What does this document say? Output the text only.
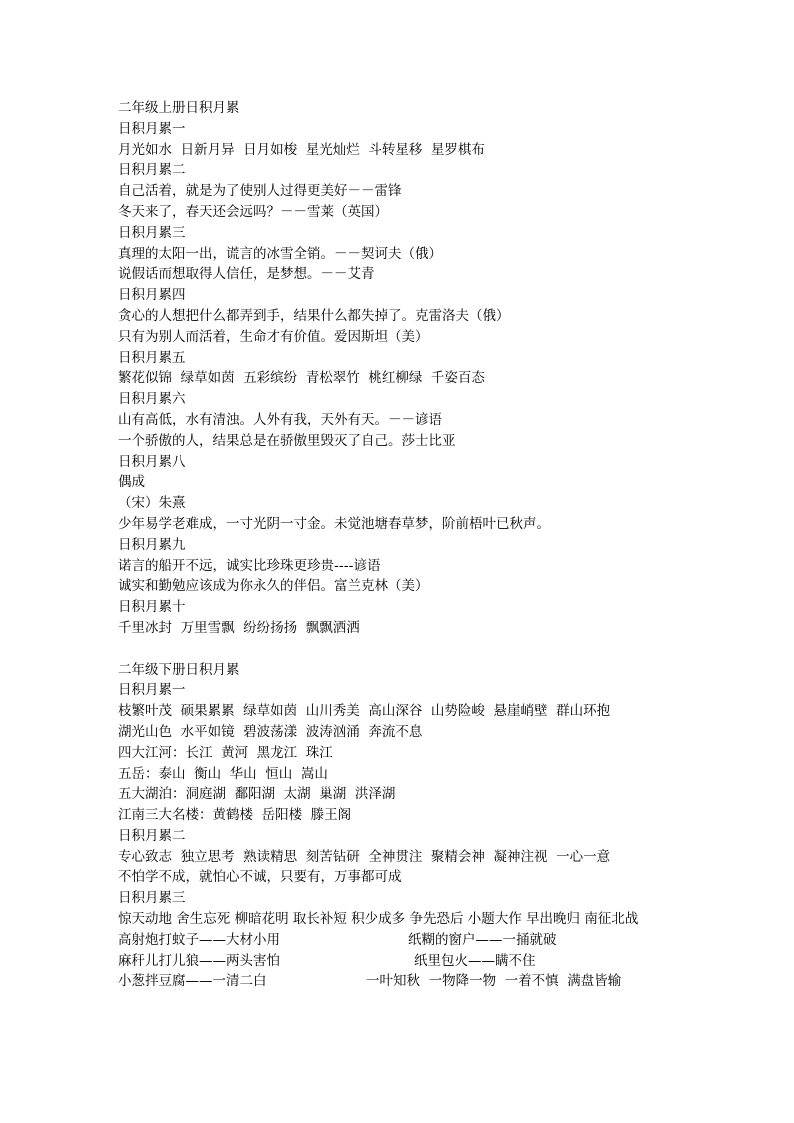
二年级上册日积月累
日积月累一
月光如水  日新月异  日月如梭  星光灿烂  斗转星移  星罗棋布
日积月累二
自己活着，就是为了使别人过得更美好－－雷锋
冬天来了，春天还会远吗？－－雪莱（英国）
日积月累三
真理的太阳一出，谎言的冰雪全销。－－契诃夫（俄）
说假话而想取得人信任，是梦想。－－艾青
日积月累四
贪心的人想把什么都弄到手，结果什么都失掉了。克雷洛夫（俄）
只有为别人而活着，生命才有价值。爱因斯坦（美）
日积月累五
繁花似锦  绿草如茵  五彩缤纷  青松翠竹  桃红柳绿  千姿百态
日积月累六
山有高低，水有清浊。人外有我，天外有天。－－谚语
一个骄傲的人，结果总是在骄傲里毁灭了自己。莎士比亚
日积月累八
偶成
（宋）朱熹
少年易学老难成，一寸光阴一寸金。未觉池塘春草梦，阶前梧叶已秋声。
日积月累九
诺言的船开不远，诚实比珍珠更珍贵----谚语
诚实和勤勉应该成为你永久的伴侣。富兰克林（美）
日积月累十
千里冰封  万里雪飘  纷纷扬扬  飘飘洒洒
二年级下册日积月累
日积月累一
枝繁叶茂  硕果累累  绿草如茵  山川秀美  高山深谷  山势险峻  悬崖峭壁  群山环抱
湖光山色  水平如镜  碧波荡漾  波涛汹涌  奔流不息
四大江河：长江  黄河  黑龙江  珠江
五岳：泰山  衡山  华山  恒山  嵩山
五大湖泊：洞庭湖  鄱阳湖  太湖  巢湖  洪泽湖
江南三大名楼：黄鹤楼  岳阳楼  滕王阁
日积月累二
专心致志  独立思考  熟读精思  刻苦钻研  全神贯注  聚精会神  凝神注视  一心一意
不怕学不成，就怕心不诚，只要有，万事都可成
日积月累三
惊天动地 舍生忘死 柳暗花明 取长补短 积少成多 争先恐后 小题大作 早出晚归 南征北战
高射炮打蚊子——大材小用	纸糊的窗户——一捅就破
麻秆儿打儿狼——两头害怕	纸里包火——瞒不住
小葱拌豆腐——一清二白	一叶知秋  一物降一物  一着不慎  满盘皆输
